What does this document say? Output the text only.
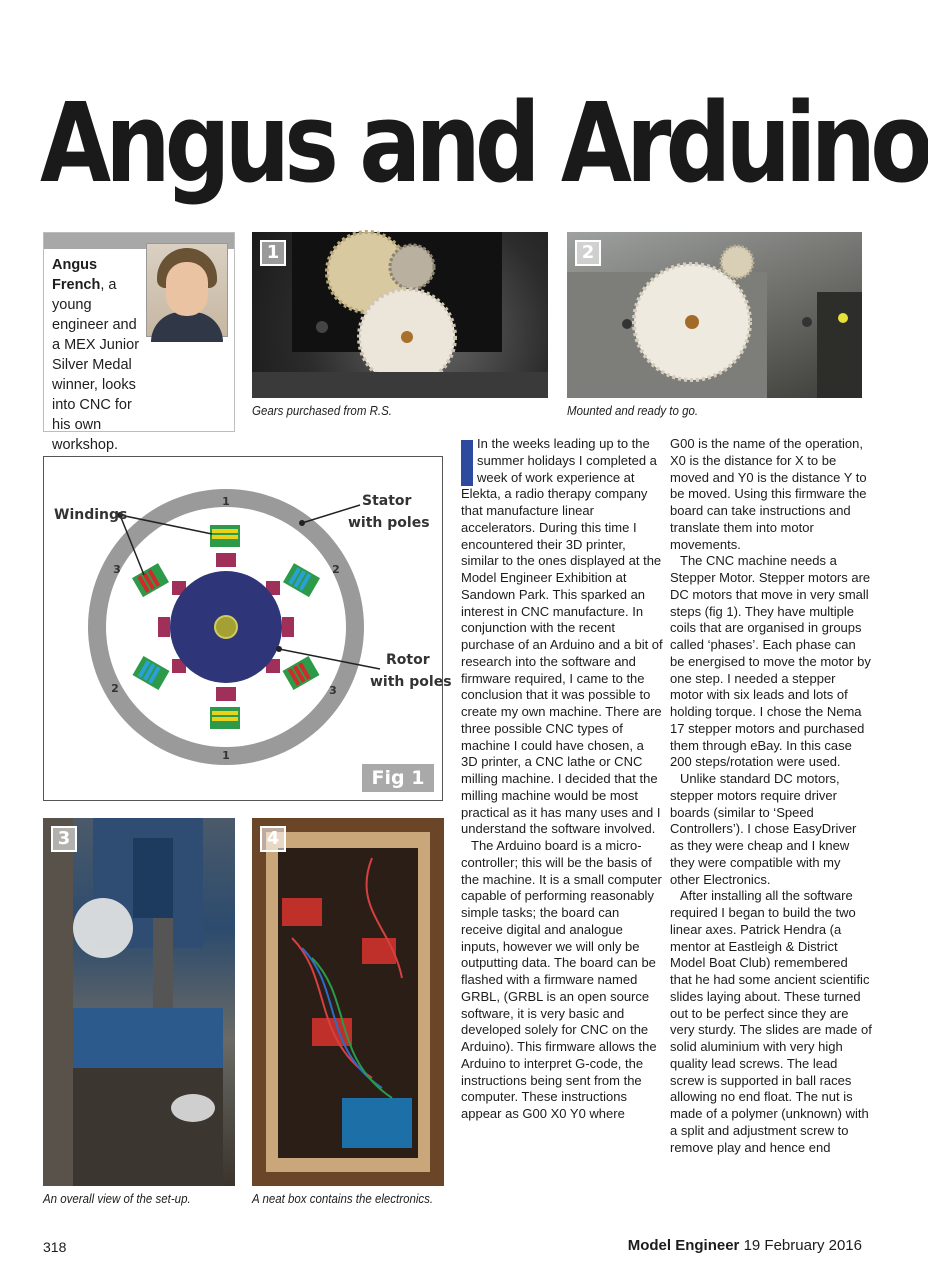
Angus and Arduino
Angus French, a young engineer and a MEX Junior Silver Medal winner, looks into CNC for his own workshop.
1
Gears purchased from R.S.
2
Mounted and ready to go.
1
1
3	2
2	3
Windings
Stator
with poles
Rotor
with poles
Fig 1
3
An overall view of the set-up.
4
A neat box contains the electronics.

In the weeks leading up to the summer holidays I completed a week of work experience at Elekta, a radio therapy company that manufacture linear accelerators. During this time I encountered their 3D printer, similar to the ones displayed at the Model Engineer Exhibition at Sandown Park. This sparked an interest in CNC manufacture. In conjunction with the recent purchase of an Arduino and a bit of research into the software and firmware required, I came to the conclusion that it was possible to create my own machine. There are three possible CNC types of machine I could have chosen, a 3D printer, a CNC lathe or CNC milling machine. I decided that the milling machine would be most practical as it has many uses and I understand the software involved.

The Arduino board is a micro-controller; this will be the basis of the machine. It is a small computer capable of performing reasonably simple tasks; the board can receive digital and analogue inputs, however we will only be outputting data. The board can be flashed with a firmware named GRBL, (GRBL is an open source software, it is very basic and developed solely for CNC on the Arduino). This firmware allows the Arduino to interpret G-code, the instructions being sent from the computer. These instructions appear as G00 X0 Y0 where

G00 is the name of the operation, X0 is the distance for X to be moved and Y0 is the distance Y to be moved. Using this firmware the board can take instructions and translate them into motor movements.

The CNC machine needs a Stepper Motor. Stepper motors are DC motors that move in very small steps (fig 1). They have multiple coils that are organised in groups called ‘phases’. Each phase can be energised to move the motor by one step. I needed a stepper motor with six leads and lots of holding torque. I chose the Nema 17 stepper motors and purchased them through eBay. In this case 200 steps/rotation were used.

Unlike standard DC motors, stepper motors require driver boards (similar to ‘Speed Controllers’). I chose EasyDriver as they were cheap and I knew they were compatible with my other Electronics.

After installing all the software required I began to build the two linear axes. Patrick Hendra (a mentor at Eastleigh & District Model Boat Club) remembered that he had some ancient scientific slides laying about. These turned out to be perfect since they are very sturdy. The slides are made of solid aluminium with very high quality lead screws. The lead screw is supported in ball races allowing no end float. The nut is made of a polymer (unknown) with a split and adjustment screw to remove play and hence end

318	Model Engineer 19 February 2016
